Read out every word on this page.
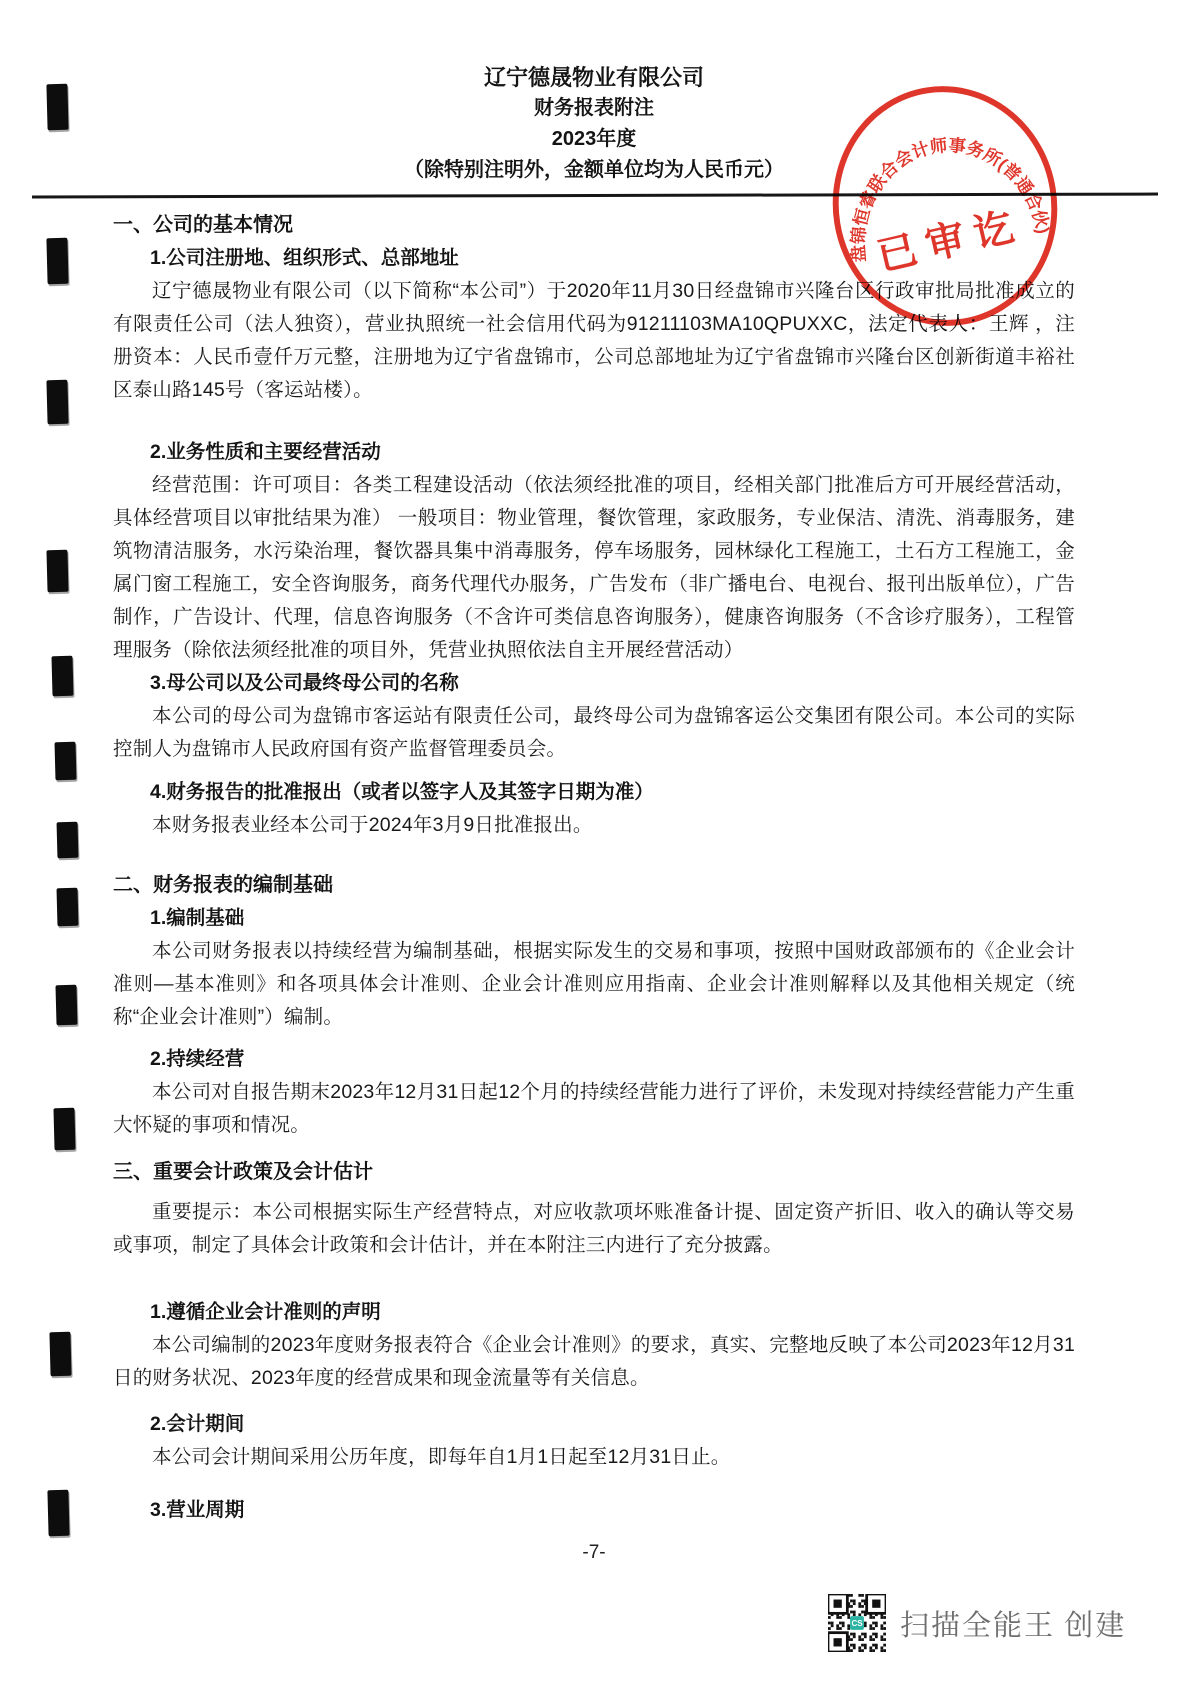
辽宁德晟物业有限公司
财务报表附注
2023年度
（除特别注明外，金额单位均为人民币元）
一、公司的基本情况
1.公司注册地、组织形式、总部地址

辽宁德晟物业有限公司（以下简称“本公司”）于2020年11月30日经盘锦市兴隆台区行政审批局批准成立的有限责任公司（法人独资），营业执照统一社会信用代码为91211103MA10QPUXXC，法定代表人：王辉 ，注册资本：人民币壹仟万元整，注册地为辽宁省盘锦市，公司总部地址为辽宁省盘锦市兴隆台区创新街道丰裕社区泰山路145号（客运站楼）。

2.业务性质和主要经营活动

经营范围：许可项目：各类工程建设活动（依法须经批准的项目，经相关部门批准后方可开展经营活动，具体经营项目以审批结果为准） 一般项目：物业管理，餐饮管理，家政服务，专业保洁、清洗、消毒服务，建筑物清洁服务，水污染治理，餐饮器具集中消毒服务，停车场服务，园林绿化工程施工，土石方工程施工，金属门窗工程施工，安全咨询服务，商务代理代办服务，广告发布（非广播电台、电视台、报刊出版单位），广告制作，广告设计、代理，信息咨询服务（不含许可类信息咨询服务），健康咨询服务（不含诊疗服务），工程管理服务（除依法须经批准的项目外，凭营业执照依法自主开展经营活动）

3.母公司以及公司最终母公司的名称

本公司的母公司为盘锦市客运站有限责任公司，最终母公司为盘锦客运公交集团有限公司。本公司的实际控制人为盘锦市人民政府国有资产监督管理委员会。

4.财务报告的批准报出（或者以签字人及其签字日期为准）

本财务报表业经本公司于2024年3月9日批准报出。

二、财务报表的编制基础
1.编制基础

本公司财务报表以持续经营为编制基础，根据实际发生的交易和事项，按照中国财政部颁布的《企业会计准则—基本准则》和各项具体会计准则、企业会计准则应用指南、企业会计准则解释以及其他相关规定（统称“企业会计准则”）编制。

2.持续经营

本公司对自报告期末2023年12月31日起12个月的持续经营能力进行了评价，未发现对持续经营能力产生重大怀疑的事项和情况。

三、重要会计政策及会计估计

重要提示：本公司根据实际生产经营特点，对应收款项坏账准备计提、固定资产折旧、收入的确认等交易或事项，制定了具体会计政策和会计估计，并在本附注三内进行了充分披露。

1.遵循企业会计准则的声明

本公司编制的2023年度财务报表符合《企业会计准则》的要求，真实、完整地反映了本公司2023年12月31日的财务状况、2023年度的经营成果和现金流量等有关信息。

2.会计期间

本公司会计期间采用公历年度，即每年自1月1日起至12月31日止。

3.营业周期
-7-
盘锦恒睿联合会计师事务所(普通合伙)
已审讫
CS 扫描全能王 创建
